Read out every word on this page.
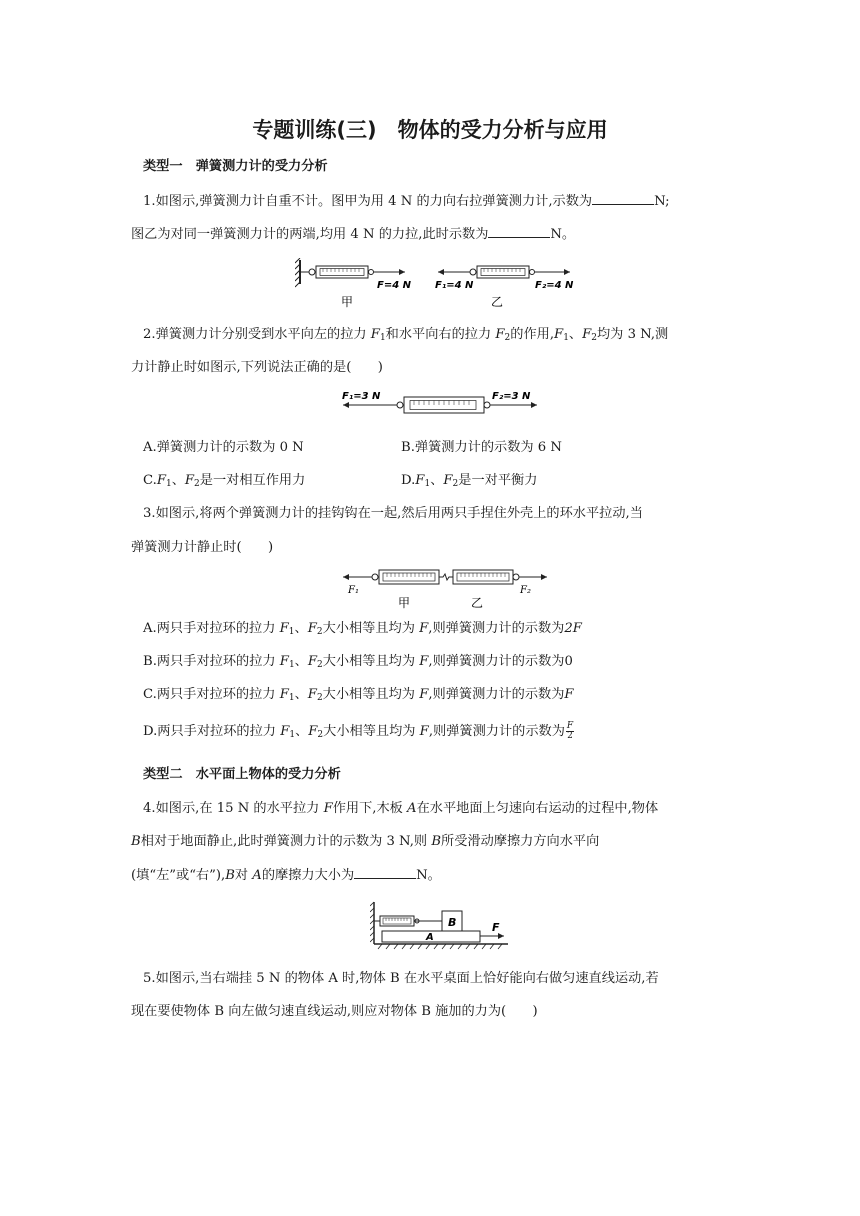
专题训练(三)　物体的受力分析与应用
类型一　弹簧测力计的受力分析
1.如图示,弹簧测力计自重不计。图甲为用 4 N 的力向右拉弹簧测力计,示数为	N;
图乙为对同一弹簧测力计的两端,均用 4 N 的力拉,此时示数为	N。
F=4 N F₁=4 N	F₂=4 N
甲	乙
2.弹簧测力计分别受到水平向左的拉力 $F_1$和水平向右的拉力 $F_2$的作用$,F_1$、$F_2$均为 3 N,测
力计静止时如图示,下列说法正确的是(　　)
F₁=3 N	F₂=3 N
A.弹簧测力计的示数为 0 N	B.弹簧测力计的示数为 6 N
$C.F_1$、$F_2$是一对相互作用力	$D.F_1$、$F_2$是一对平衡力
3.如图示,将两个弹簧测力计的挂钩钩在一起,然后用两只手捏住外壳上的环水平拉动,当
弹簧测力计静止时(　　)
F₁	F₂
甲	乙
A.两只手对拉环的拉力 $F_1$、$F_2$大小相等且均为 F,则弹簧测力计的示数为2F
B.两只手对拉环的拉力 $F_1$、$F_2$大小相等且均为 F,则弹簧测力计的示数为0
C.两只手对拉环的拉力 $F_1$、$F_2$大小相等且均为 F,则弹簧测力计的示数为F
D.两只手对拉环的拉力 $F_1$、$F_2$大小相等且均为 F,则弹簧测力计的示数为 $\frac{F}{2}$
类型二　水平面上物体的受力分析
4.如图示,在 15 N 的水平拉力 F作用下,木板 A在水平地面上匀速向右运动的过程中,物体
B相对于地面静止,此时弹簧测力计的示数为 3 N,则 B所受滑动摩擦力方向水平向
(填“左”或“右”),B对 A的摩擦力大小为	N。
B
A
F
5.如图示,当右端挂 5 N 的物体 A 时,物体 B 在水平桌面上恰好能向右做匀速直线运动,若
现在要使物体 B 向左做匀速直线运动,则应对物体 B 施加的力为(　　)
